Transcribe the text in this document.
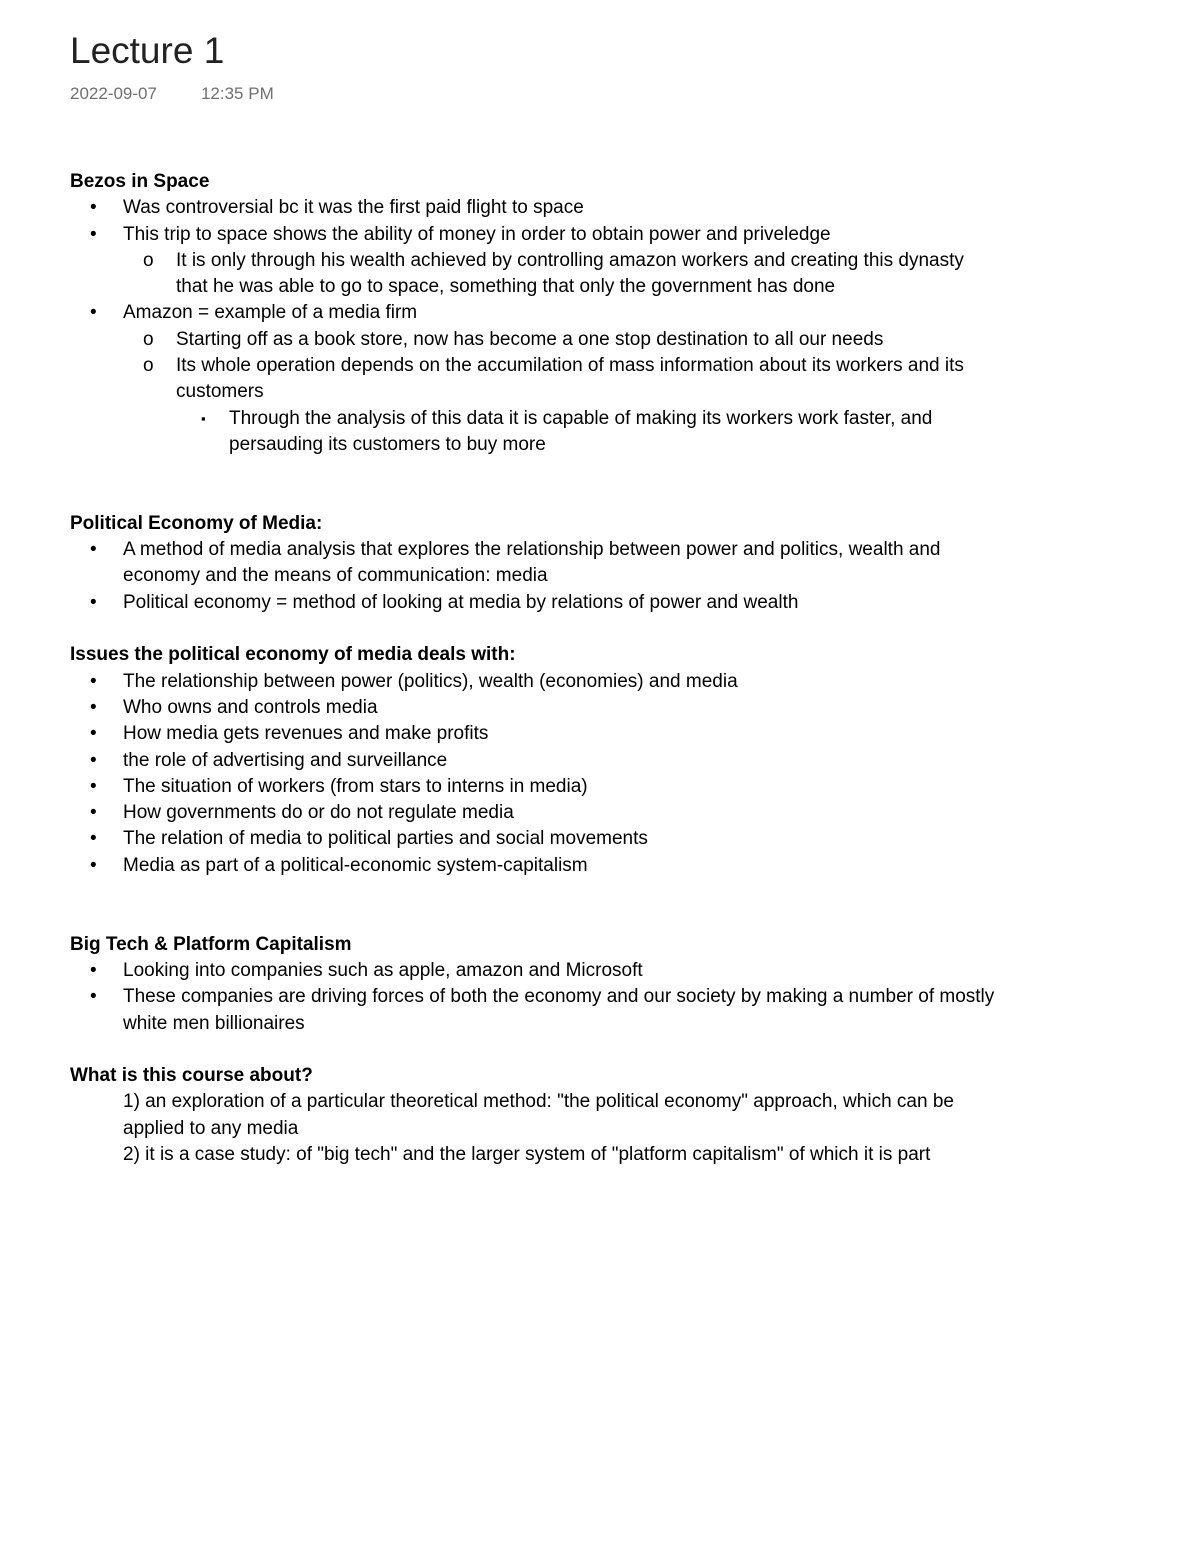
Lecture 1
2022-09-07	12:35 PM

Bezos in Space

• Was controversial bc it was the first paid flight to space
• This trip to space shows the ability of money in order to obtain power and priveledge
o It is only through his wealth achieved by controlling amazon workers and creating this dynasty that he was able to go to space, something that only the government has done
• Amazon = example of a media firm
o Starting off as a book store, now has become a one stop destination to all our needs
o Its whole operation depends on the accumilation of mass information about its workers and its customers
▪ Through the analysis of this data it is capable of making its workers work faster, and persauding its customers to buy more

Political Economy of Media:

• A method of media analysis that explores the relationship between power and politics, wealth and economy and the means of communication: media
• Political economy = method of looking at media by relations of power and wealth

Issues the political economy of media deals with:

• The relationship between power (politics), wealth (economies) and media
• Who owns and controls media
• How media gets revenues and make profits
• the role of advertising and surveillance
• The situation of workers (from stars to interns in media)
• How governments do or do not regulate media
• The relation of media to political parties and social movements
• Media as part of a political-economic system-capitalism

Big Tech & Platform Capitalism

• Looking into companies such as apple, amazon and Microsoft
• These companies are driving forces of both the economy and our society by making a number of mostly white men billionaires

What is this course about?

1) an exploration of a particular theoretical method: "the political economy" approach, which can be applied to any media

2) it is a case study: of "big tech" and the larger system of "platform capitalism" of which it is part
